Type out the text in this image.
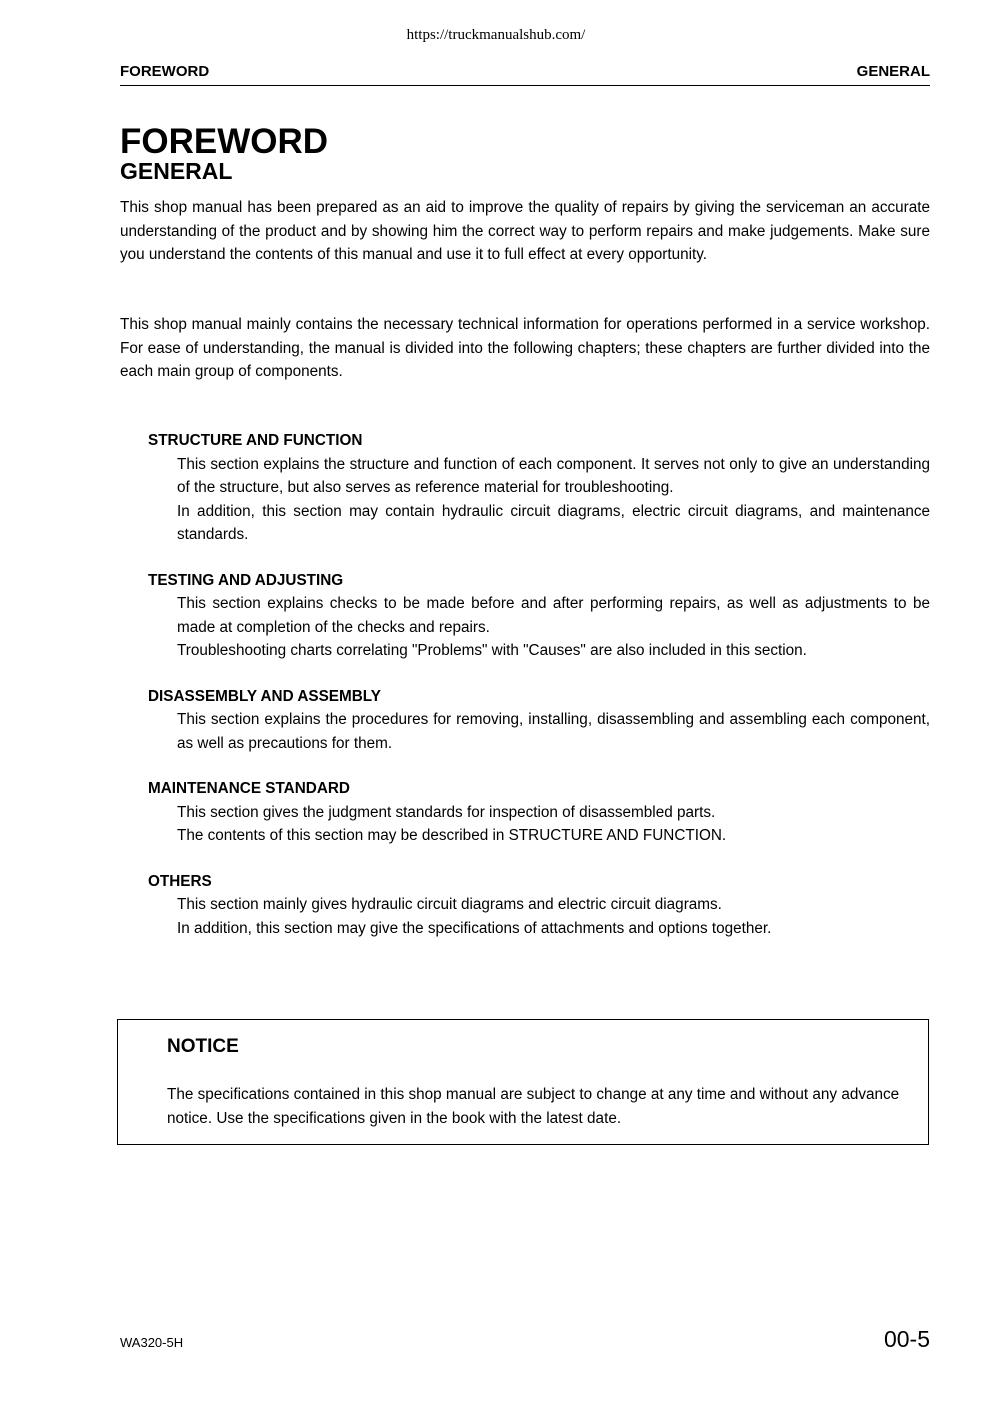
https://truckmanualshub.com/
FOREWORD	GENERAL
FOREWORD
GENERAL

This shop manual has been prepared as an aid to improve the quality of repairs by giving the serviceman an accurate understanding of the product and by showing him the correct way to perform repairs and make judgements. Make sure you understand the contents of this manual and use it to full effect at every opportunity.

This shop manual mainly contains the necessary technical information for operations performed in a service workshop. For ease of understanding, the manual is divided into the following chapters; these chapters are further divided into the each main group of components.

STRUCTURE AND FUNCTION

This section explains the structure and function of each component. It serves not only to give an understanding of the structure, but also serves as reference material for troubleshooting.

In addition, this section may contain hydraulic circuit diagrams, electric circuit diagrams, and maintenance standards.

TESTING AND ADJUSTING

This section explains checks to be made before and after performing repairs, as well as adjustments to be made at completion of the checks and repairs.

Troubleshooting charts correlating "Problems" with "Causes" are also included in this section.

DISASSEMBLY AND ASSEMBLY

This section explains the procedures for removing, installing, disassembling and assembling each component, as well as precautions for them.

MAINTENANCE STANDARD

This section gives the judgment standards for inspection of disassembled parts.

The contents of this section may be described in STRUCTURE AND FUNCTION.

OTHERS

This section mainly gives hydraulic circuit diagrams and electric circuit diagrams.

In addition, this section may give the specifications of attachments and options together.

NOTICE

The specifications contained in this shop manual are subject to change at any time and without any advance notice. Use the specifications given in the book with the latest date.

WA320-5H	00-5
